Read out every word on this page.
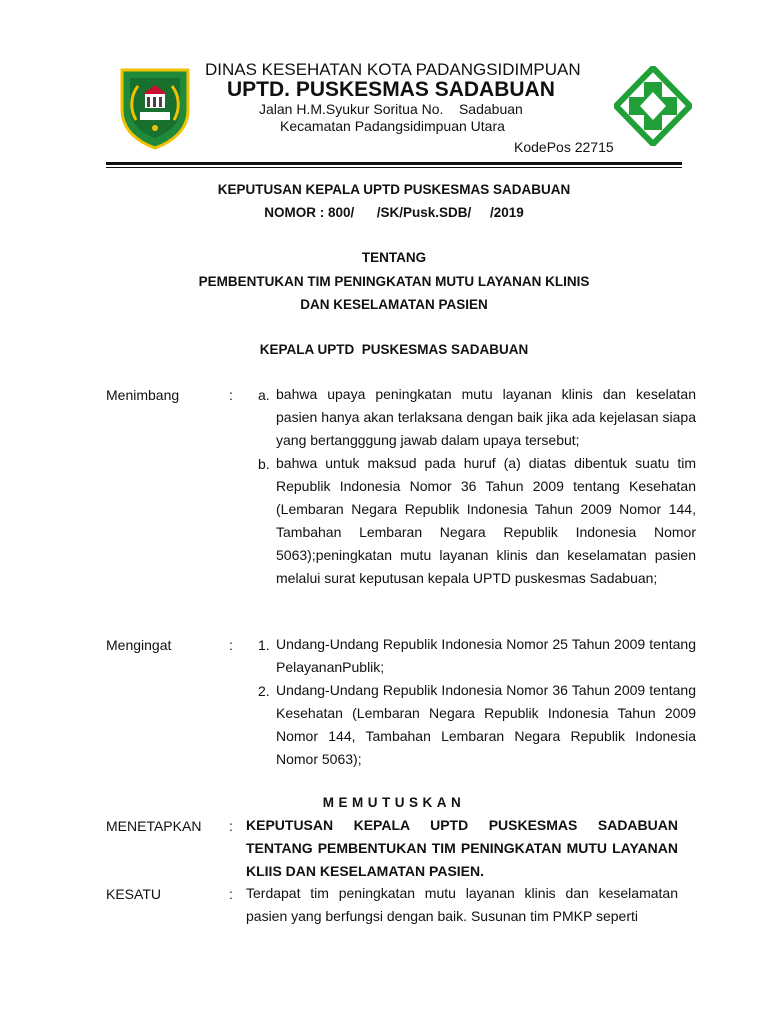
DINAS KESEHATAN KOTA PADANGSIDIMPUAN
UPTD. PUSKESMAS SADABUAN
Jalan H.M.Syukur Soritua No.    Sadabuan
Kecamatan Padangsidimpuan Utara
KodePos 22715
KEPUTUSAN KEPALA UPTD PUSKESMAS SADABUAN
NOMOR : 800/      /SK/Pusk.SDB/     /2019
TENTANG
PEMBENTUKAN TIM PENINGKATAN MUTU LAYANAN KLINIS
DAN KESELAMATAN PASIEN
KEPALA UPTD  PUSKESMAS SADABUAN
Menimbang	: a. bahwa upaya peningkatan mutu layanan klinis dan keselatan pasien hanya akan terlaksana dengan baik jika ada kejelasan siapa yang bertangggung jawab dalam upaya tersebut;
b. bahwa untuk maksud pada huruf (a) diatas dibentuk suatu tim Republik Indonesia Nomor 36 Tahun 2009 tentang Kesehatan (Lembaran Negara Republik Indonesia Tahun 2009 Nomor 144, Tambahan Lembaran Negara Republik Indonesia Nomor 5063);peningkatan mutu layanan klinis dan keselamatan pasien melalui surat keputusan kepala UPTD puskesmas Sadabuan;
Mengingat	: 1. Undang-Undang Republik Indonesia Nomor 25 Tahun 2009 tentang PelayananPublik;
2. Undang-Undang Republik Indonesia Nomor 36 Tahun 2009 tentang Kesehatan (Lembaran Negara Republik Indonesia Tahun 2009 Nomor 144, Tambahan Lembaran Negara Republik Indonesia Nomor 5063);
MEMUTUSKAN
MENETAPKAN : KEPUTUSAN KEPALA UPTD PUSKESMAS SADABUAN TENTANG PEMBENTUKAN TIM PENINGKATAN MUTU LAYANAN KLIIS DAN KESELAMATAN PASIEN.
KESATU	: Terdapat tim peningkatan mutu layanan klinis dan keselamatan pasien yang berfungsi dengan baik. Susunan tim PMKP seperti
